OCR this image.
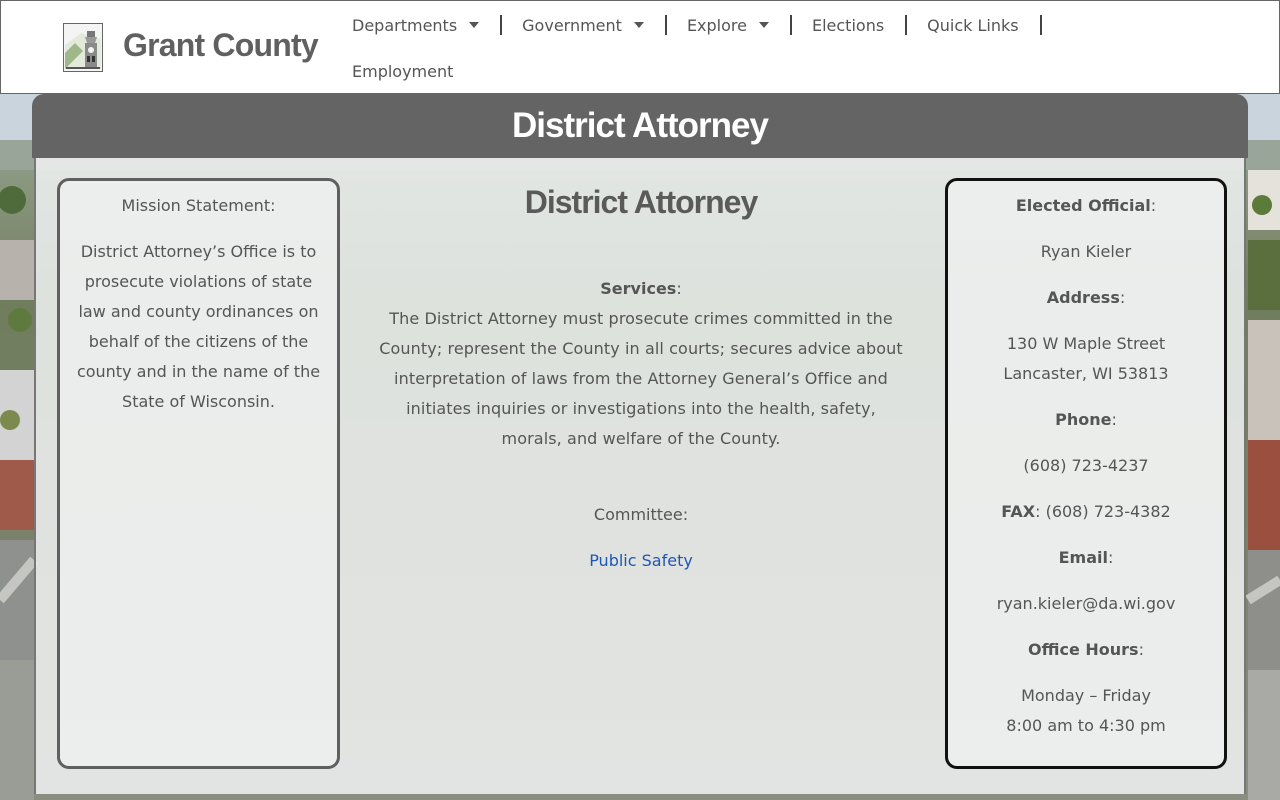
Grant County
Departments	Government	Explore	Elections	Quick Links
Employment
District Attorney

Mission Statement:

District Attorney’s Office is to prosecute violations of state law and county ordinances on behalf of the citizens of the county and in the name of the State of Wisconsin.

District Attorney

Services:

The District Attorney must prosecute crimes committed in the County; represent the County in all courts; secures advice about interpretation of laws from the Attorney General’s Office and initiates inquiries or investigations into the health, safety, morals, and welfare of the County.

Committee:

Public Safety

Elected Official:

Ryan Kieler

Address:

130 W Maple Street
Lancaster, WI 53813

Phone:

(608) 723-4237

FAX: (608) 723-4382

Email:

ryan.kieler@da.wi.gov

Office Hours:

Monday – Friday
8:00 am to 4:30 pm
